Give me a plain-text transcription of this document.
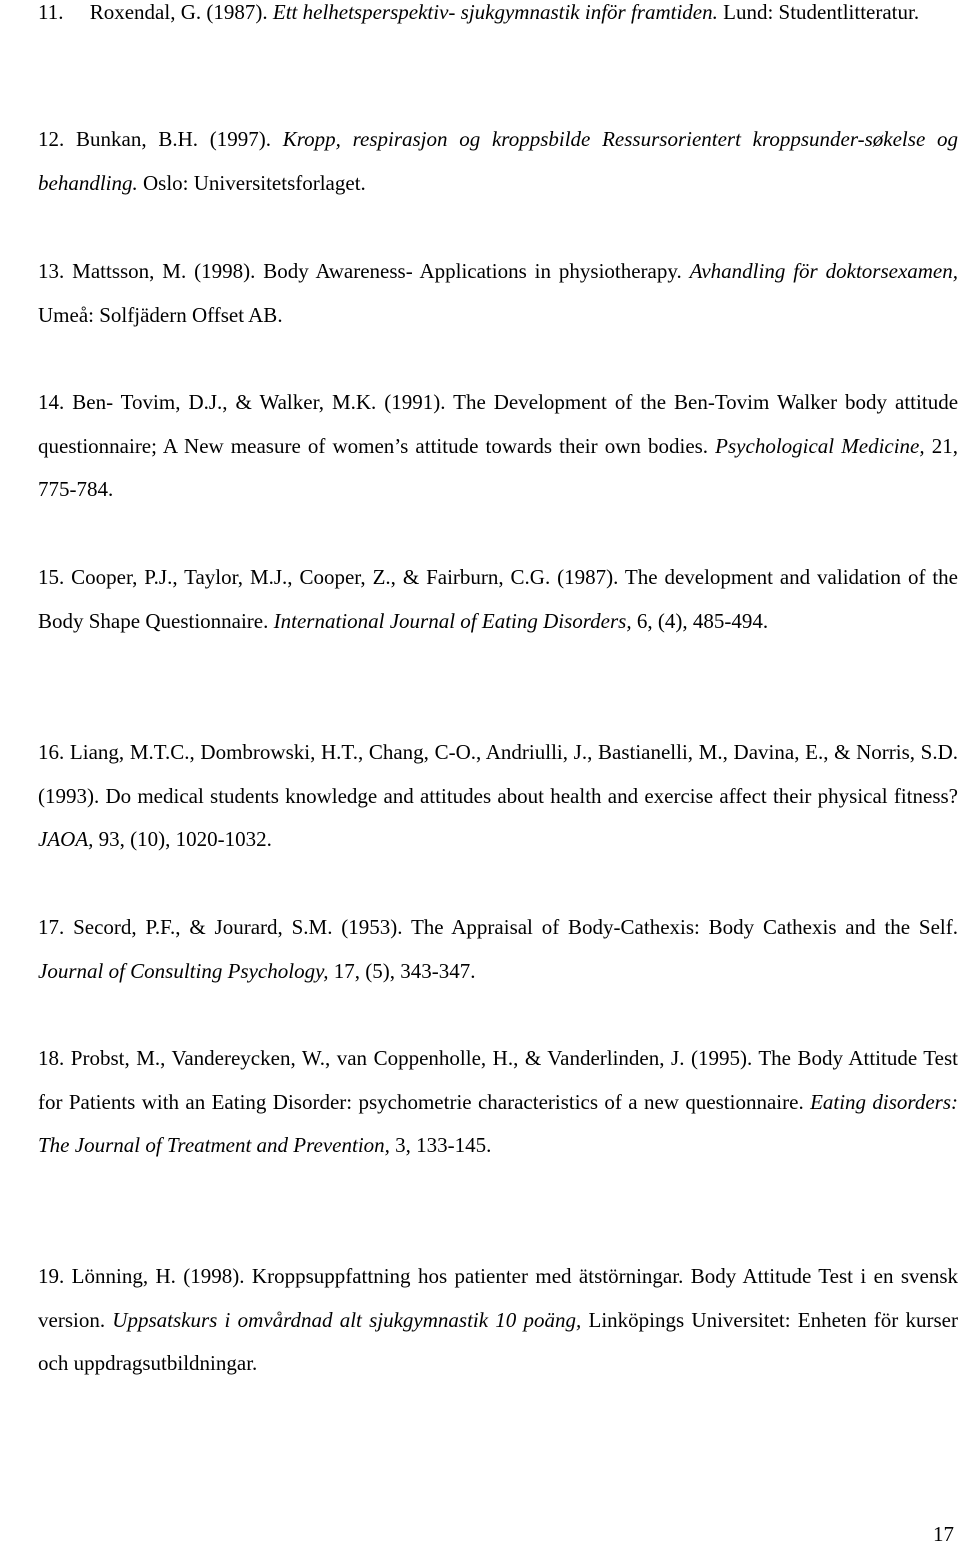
11. Roxendal, G. (1987). Ett helhetsperspektiv- sjukgymnastik inför framtiden. Lund: Studentlitteratur.
12. Bunkan, B.H. (1997). Kropp, respirasjon og kroppsbilde Ressursorientert kroppsunder-søkelse og behandling. Oslo: Universitetsforlaget.
13. Mattsson, M. (1998). Body Awareness- Applications in physiotherapy. Avhandling för doktorsexamen, Umeå: Solfjädern Offset AB.
14. Ben- Tovim, D.J., & Walker, M.K. (1991). The Development of the Ben-Tovim Walker body attitude questionnaire; A New measure of women’s attitude towards their own bodies. Psychological Medicine, 21, 775-784.
15. Cooper, P.J., Taylor, M.J., Cooper, Z., & Fairburn, C.G. (1987). The development and validation of the Body Shape Questionnaire. International Journal of Eating Disorders, 6, (4), 485-494.
16. Liang, M.T.C., Dombrowski, H.T., Chang, C-O., Andriulli, J., Bastianelli, M., Davina, E., & Norris, S.D. (1993). Do medical students knowledge and attitudes about health and exercise affect their physical fitness? JAOA, 93, (10), 1020-1032.
17. Secord, P.F., & Jourard, S.M. (1953). The Appraisal of Body-Cathexis: Body Cathexis and the Self. Journal of Consulting Psychology, 17, (5), 343-347.
18. Probst, M., Vandereycken, W., van Coppenholle, H., & Vanderlinden, J. (1995). The Body Attitude Test for Patients with an Eating Disorder: psychometrie characteristics of a new questionnaire. Eating disorders: The Journal of Treatment and Prevention, 3, 133-145.
19. Lönning, H. (1998). Kroppsuppfattning hos patienter med ätstörningar. Body Attitude Test i en svensk version. Uppsatskurs i omvårdnad alt sjukgymnastik 10 poäng, Linköpings Universitet: Enheten för kurser och uppdragsutbildningar.
17
